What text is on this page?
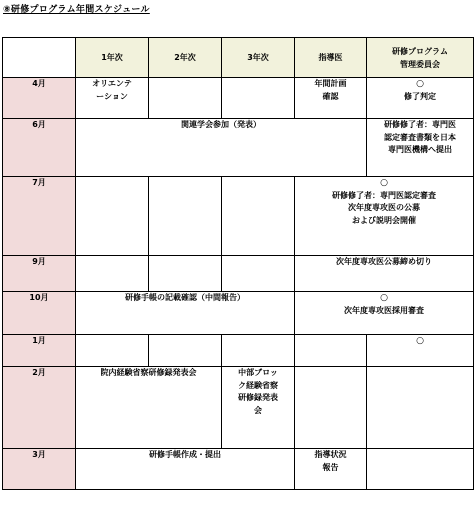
⑧研修プログラム年間スケジュール
	1年次	2年次	3年次	指導医	研修プログラム
管理委員会

4月	オリエンテ
ーション			年間計画
確認	○
修了判定

6月	関連学会参加（発表）				研修修了者：専門医
認定審査書類を日本
専門医機構へ提出

7月				○
研修修了者：専門医認定審査
次年度専攻医の公募
および説明会開催	

9月				次年度専攻医公募締め切り	
10月	研修手帳の記載確認（中間報告）			○
次年度専攻医採用審査	

1月					○

2月	院内経験省察研修録発表会		中部ブロッ
ク経験省察
研修録発表
会		

3月	研修手帳作成・提出			指導状況
報告	
